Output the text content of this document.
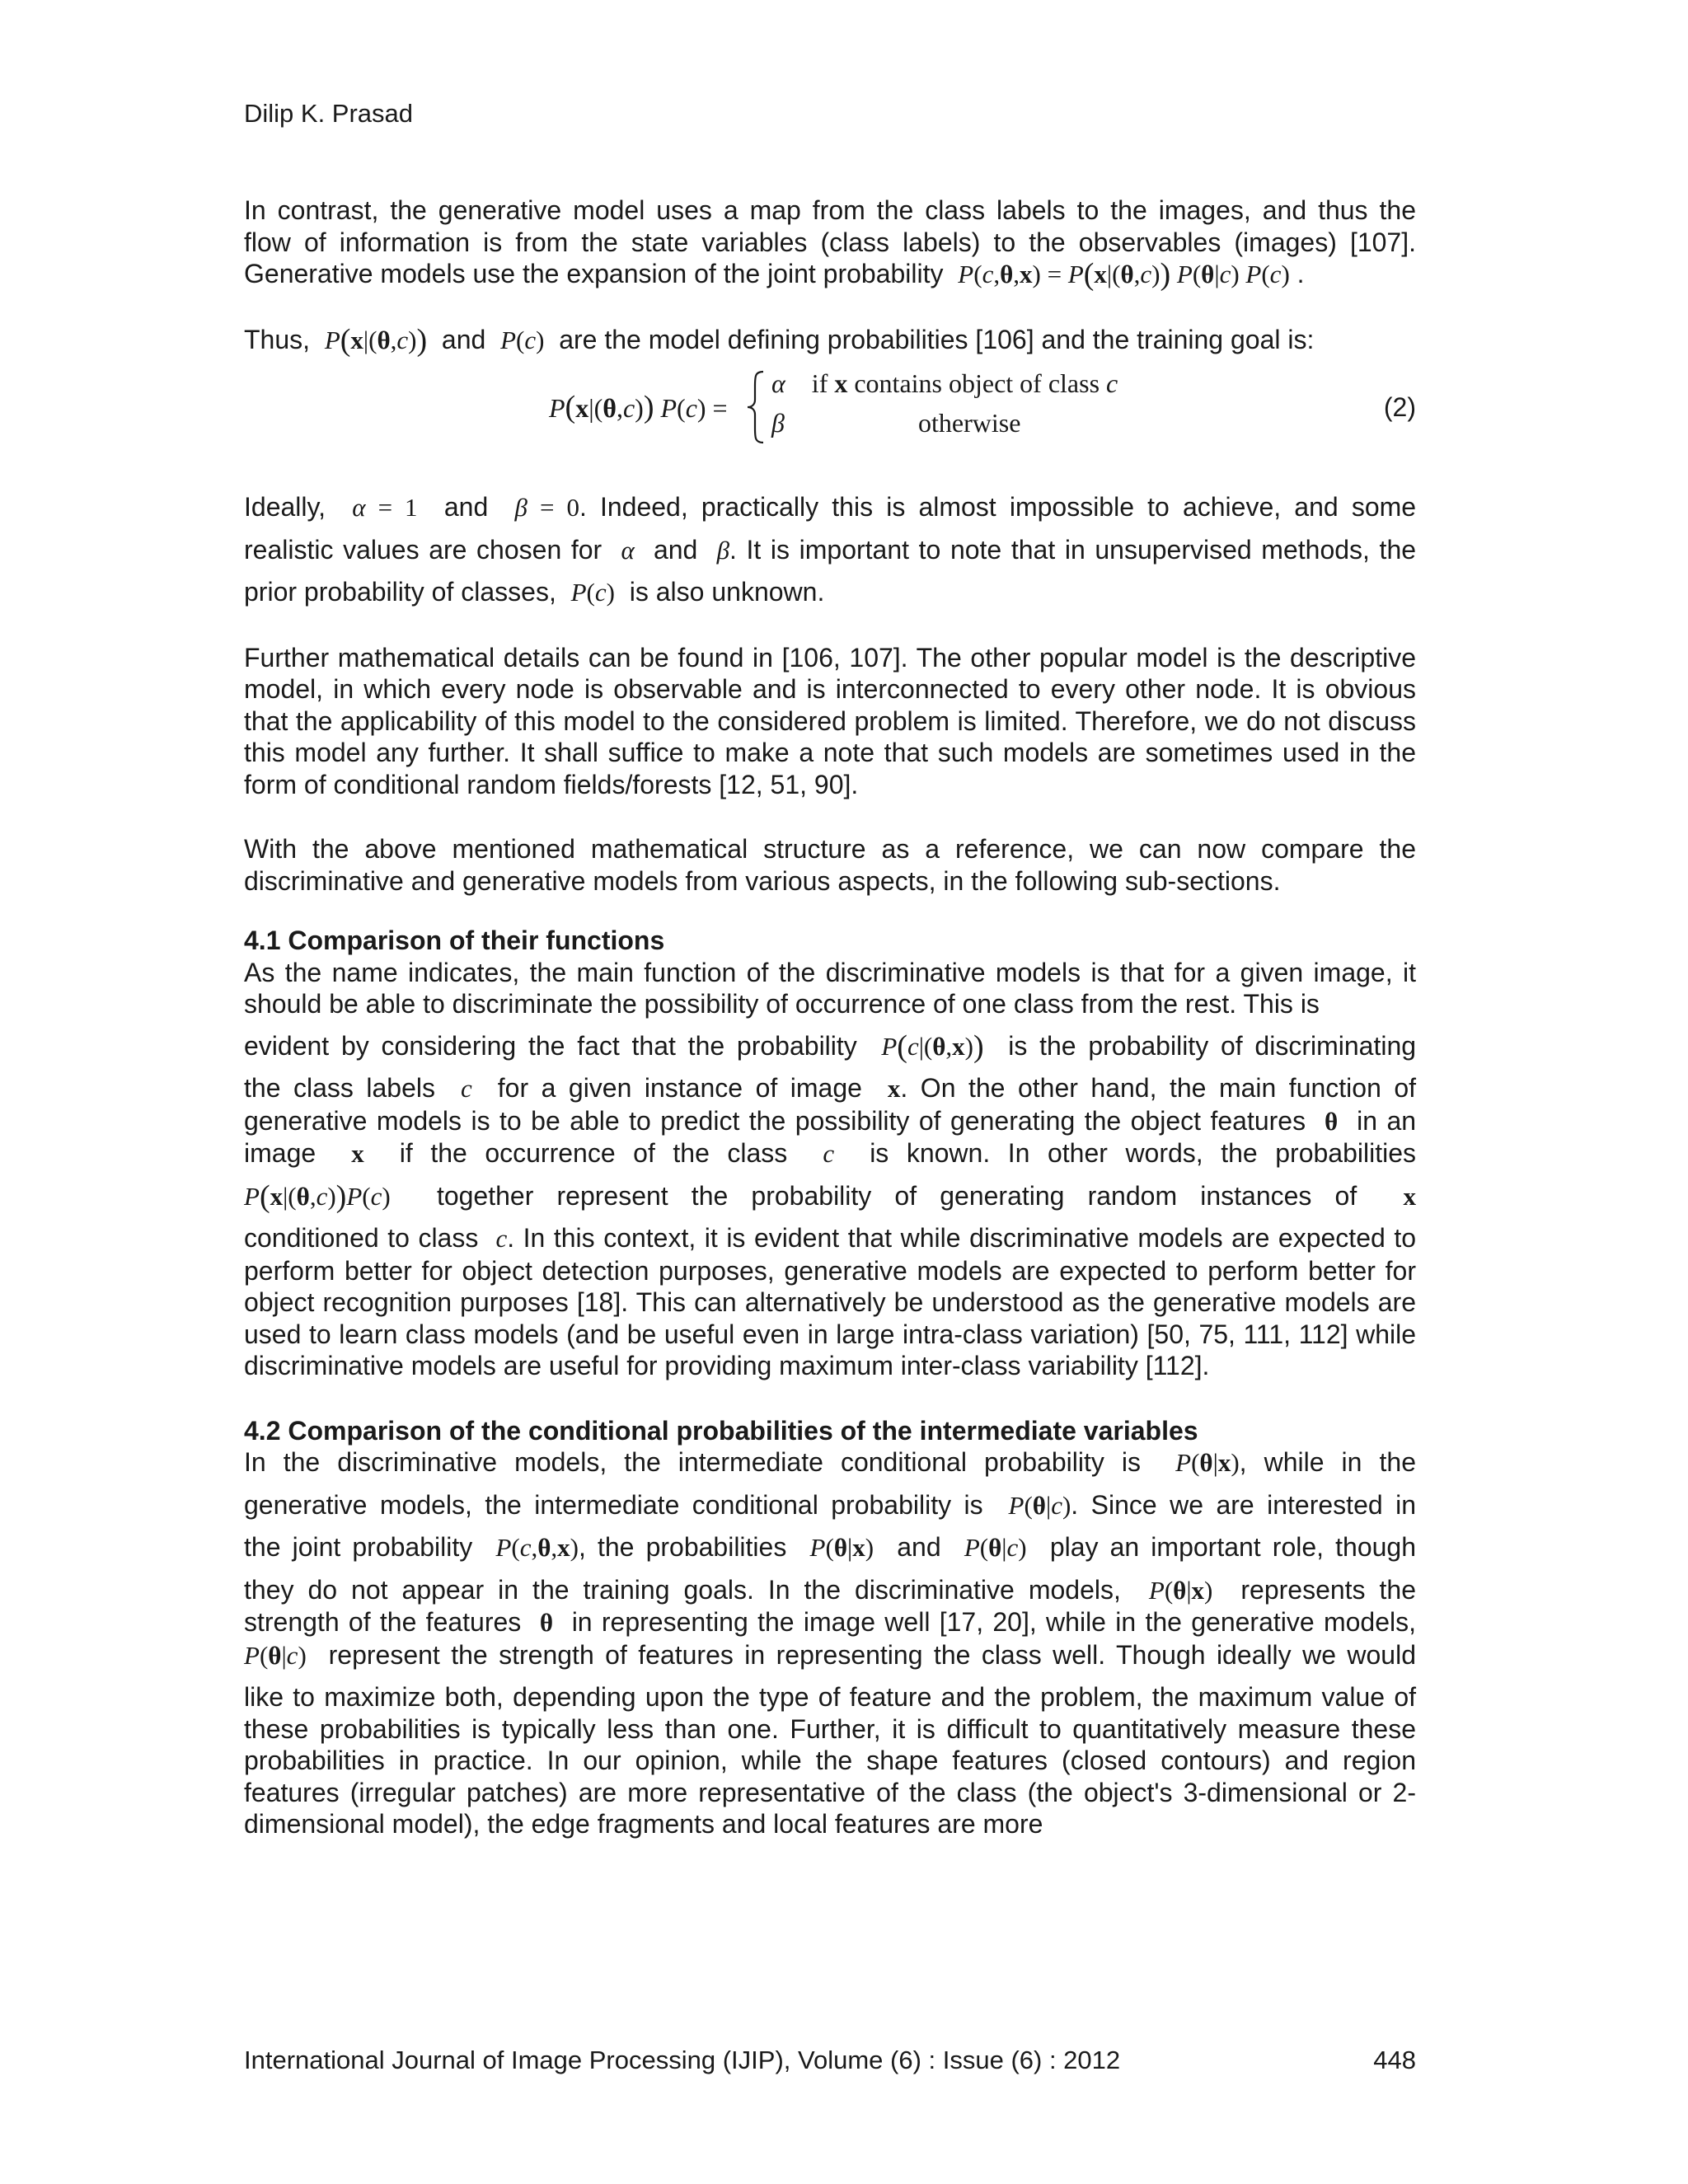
Dilip K. Prasad
In contrast, the generative model uses a map from the class labels to the images, and thus the
flow of information is from the state variables (class labels) to the observables (images) [107].
Generative models use the expansion of the joint probability P(c,θ,x) = P(x|(θ,c)) P(θ|c) P(c) .
Thus, P(x|(θ,c)) and P(c) are the model defining probabilities [106] and the training goal is:
P(x|(θ,c)) P(c) =
α if x contains object of class c
β	otherwise
(2)
Ideally, α = 1 and β = 0. Indeed, practically this is almost impossible to achieve, and some
realistic values are chosen for α and β. It is important to note that in unsupervised methods, the
prior probability of classes, P(c) is also unknown.
Further mathematical details can be found in [106, 107]. The other popular model is the descriptive model, in which every node is observable and is interconnected to every other node. It is obvious that the applicability of this model to the considered problem is limited. Therefore, we do not discuss this model any further. It shall suffice to make a note that such models are sometimes used in the form of conditional random fields/forests [12, 51, 90].
With the above mentioned mathematical structure as a reference, we can now compare the discriminative and generative models from various aspects, in the following sub-sections.
4.1 Comparison of their functions
As the name indicates, the main function of the discriminative models is that for a given image, it should be able to discriminate the possibility of occurrence of one class from the rest. This is
evident by considering the fact that the probability P(c|(θ,x)) is the probability of discriminating
the class labels c for a given instance of image x. On the other hand, the main function of
generative models is to be able to predict the possibility of generating the object features θ in an
image x if the occurrence of the class c is known. In other words, the probabilities
P(x|(θ,c))P(c) together represent the probability of generating random instances of x
conditioned to class c. In this context, it is evident that while discriminative models are expected to perform better for object detection purposes, generative models are expected to perform better for object recognition purposes [18]. This can alternatively be understood as the generative models are used to learn class models (and be useful even in large intra-class variation) [50, 75, 111, 112] while discriminative models are useful for providing maximum inter-class variability [112].
4.2 Comparison of the conditional probabilities of the intermediate variables
In the discriminative models, the intermediate conditional probability is P(θ|x), while in the
generative models, the intermediate conditional probability is P(θ|c). Since we are interested in
the joint probability P(c,θ,x), the probabilities P(θ|x) and P(θ|c) play an important role, though
they do not appear in the training goals. In the discriminative models, P(θ|x) represents the
strength of the features θ in representing the image well [17, 20], while in the generative models,
P(θ|c) represent the strength of features in representing the class well. Though ideally we would
like to maximize both, depending upon the type of feature and the problem, the maximum value of these probabilities is typically less than one. Further, it is difficult to quantitatively measure these probabilities in practice. In our opinion, while the shape features (closed contours) and region features (irregular patches) are more representative of the class (the object's 3-dimensional or 2-dimensional model), the edge fragments and local features are more
International Journal of Image Processing (IJIP), Volume (6) : Issue (6) : 2012	448
